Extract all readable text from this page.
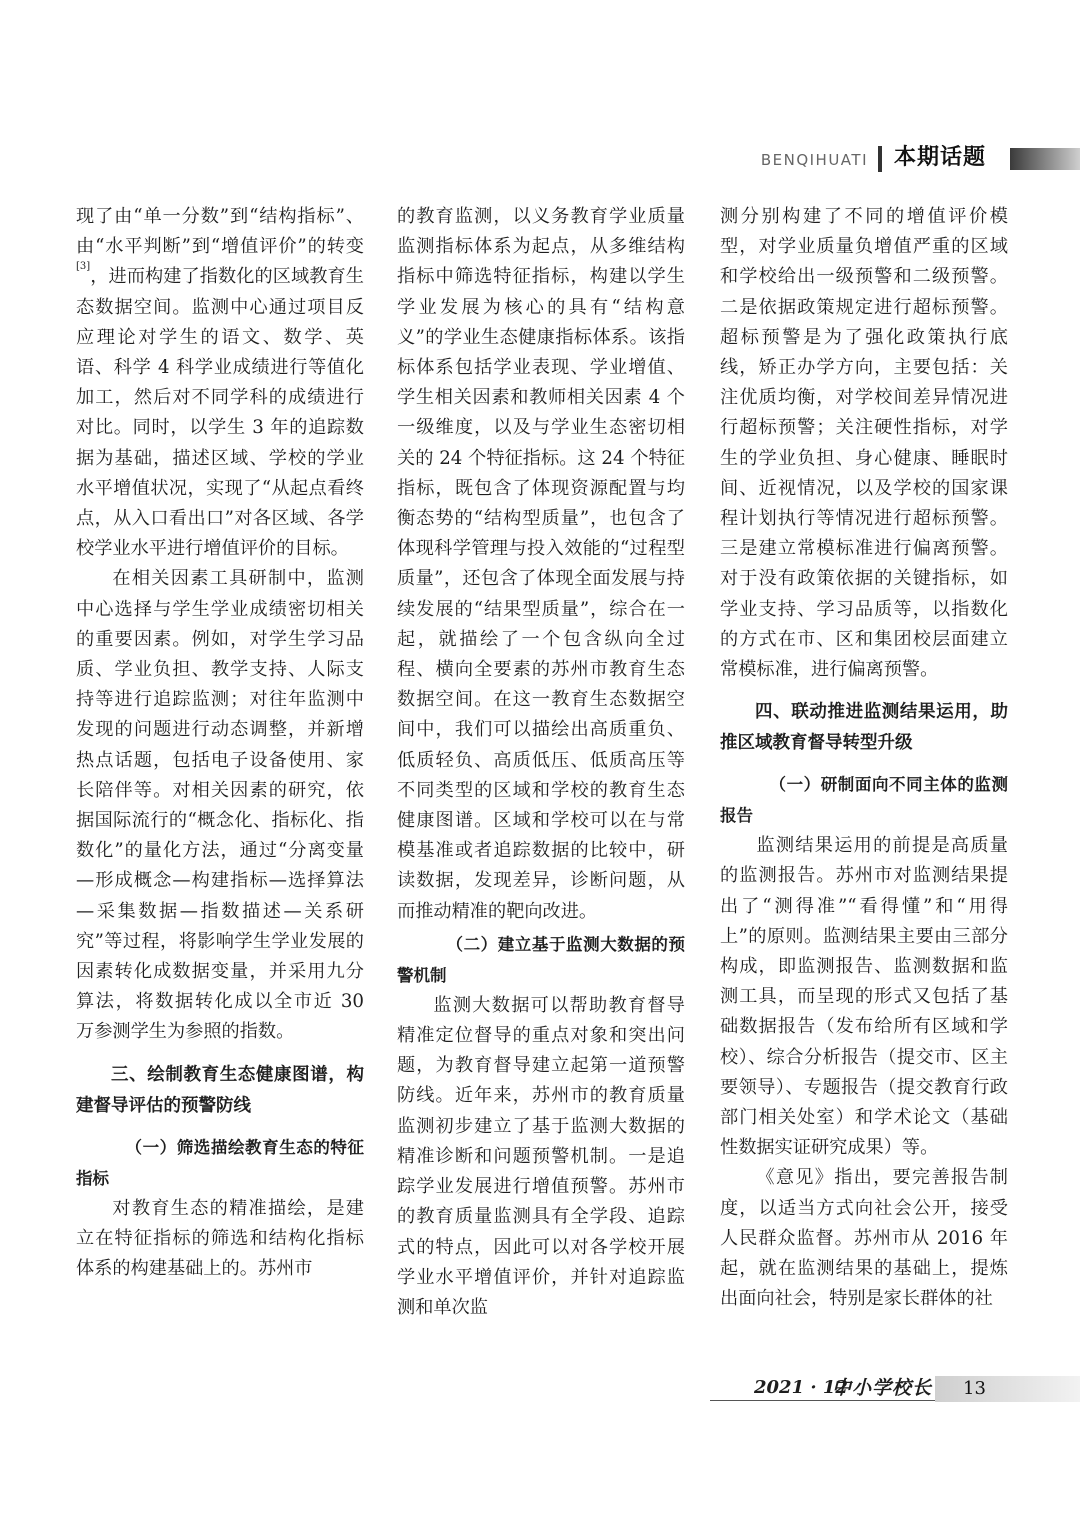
BENQIHUATI 本期话题

现了由“单一分数”到“结构指标”、由“水平判断”到“增值评价”的转变[3]，进而构建了指数化的区域教育生态数据空间。监测中心通过项目反应理论对学生的语文、数学、英语、科学 4 科学业成绩进行等值化加工，然后对不同学科的成绩进行对比。同时，以学生 3 年的追踪数据为基础，描述区域、学校的学业水平增值状况，实现了“从起点看终点，从入口看出口”对各区域、各学校学业水平进行增值评价的目标。

在相关因素工具研制中，监测中心选择与学生学业成绩密切相关的重要因素。例如，对学生学习品质、学业负担、教学支持、人际支持等进行追踪监测；对往年监测中发现的问题进行动态调整，并新增热点话题，包括电子设备使用、家长陪伴等。对相关因素的研究，依据国际流行的“概念化、指标化、指数化”的量化方法，通过“分离变量—形成概念—构建指标—选择算法—采集数据—指数描述—关系研究”等过程，将影响学生学业发展的因素转化成数据变量，并采用九分算法，将数据转化成以全市近 30 万参测学生为参照的指数。

三、绘制教育生态健康图谱，构建督导评估的预警防线
（一）筛选描绘教育生态的特征指标

对教育生态的精准描绘，是建立在特征指标的筛选和结构化指标体系的构建基础上的。苏州市

的教育监测，以义务教育学业质量监测指标体系为起点，从多维结构指标中筛选特征指标，构建以学生学业发展为核心的具有“结构意义”的学业生态健康指标体系。该指标体系包括学业表现、学业增值、学生相关因素和教师相关因素 4 个一级维度，以及与学业生态密切相关的 24 个特征指标。这 24 个特征指标，既包含了体现资源配置与均衡态势的“结构型质量”，也包含了体现科学管理与投入效能的“过程型质量”，还包含了体现全面发展与持续发展的“结果型质量”，综合在一起，就描绘了一个包含纵向全过程、横向全要素的苏州市教育生态数据空间。在这一教育生态数据空间中，我们可以描绘出高质重负、低质轻负、高质低压、低质高压等不同类型的区域和学校的教育生态健康图谱。区域和学校可以在与常模基准或者追踪数据的比较中，研读数据，发现差异，诊断问题，从而推动精准的靶向改进。

（二）建立基于监测大数据的预警机制

监测大数据可以帮助教育督导精准定位督导的重点对象和突出问题，为教育督导建立起第一道预警防线。近年来，苏州市的教育质量监测初步建立了基于监测大数据的精准诊断和问题预警机制。一是追踪学业发展进行增值预警。苏州市的教育质量监测具有全学段、追踪式的特点，因此可以对各学校开展学业水平增值评价，并针对追踪监测和单次监

测分别构建了不同的增值评价模型，对学业质量负增值严重的区域和学校给出一级预警和二级预警。二是依据政策规定进行超标预警。超标预警是为了强化政策执行底线，矫正办学方向，主要包括：关注优质均衡，对学校间差异情况进行超标预警；关注硬性指标，对学生的学业负担、身心健康、睡眠时间、近视情况，以及学校的国家课程计划执行等情况进行超标预警。三是建立常模标准进行偏离预警。对于没有政策依据的关键指标，如学业支持、学习品质等，以指数化的方式在市、区和集团校层面建立常模标准，进行偏离预警。

四、联动推进监测结果运用，助推区域教育督导转型升级
（一）研制面向不同主体的监测报告

监测结果运用的前提是高质量的监测报告。苏州市对监测结果提出了“测得准”“看得懂”和“用得上”的原则。监测结果主要由三部分构成，即监测报告、监测数据和监测工具，而呈现的形式又包括了基础数据报告（发布给所有区域和学校）、综合分析报告（提交市、区主要领导）、专题报告（提交教育行政部门相关处室）和学术论文（基础性数据实证研究成果）等。

《意见》指出，要完善报告制度，以适当方式向社会公开，接受人民群众监督。苏州市从 2016 年起，就在监测结果的基础上，提炼出面向社会，特别是家长群体的社

2021 · 12
中小学校长 13
